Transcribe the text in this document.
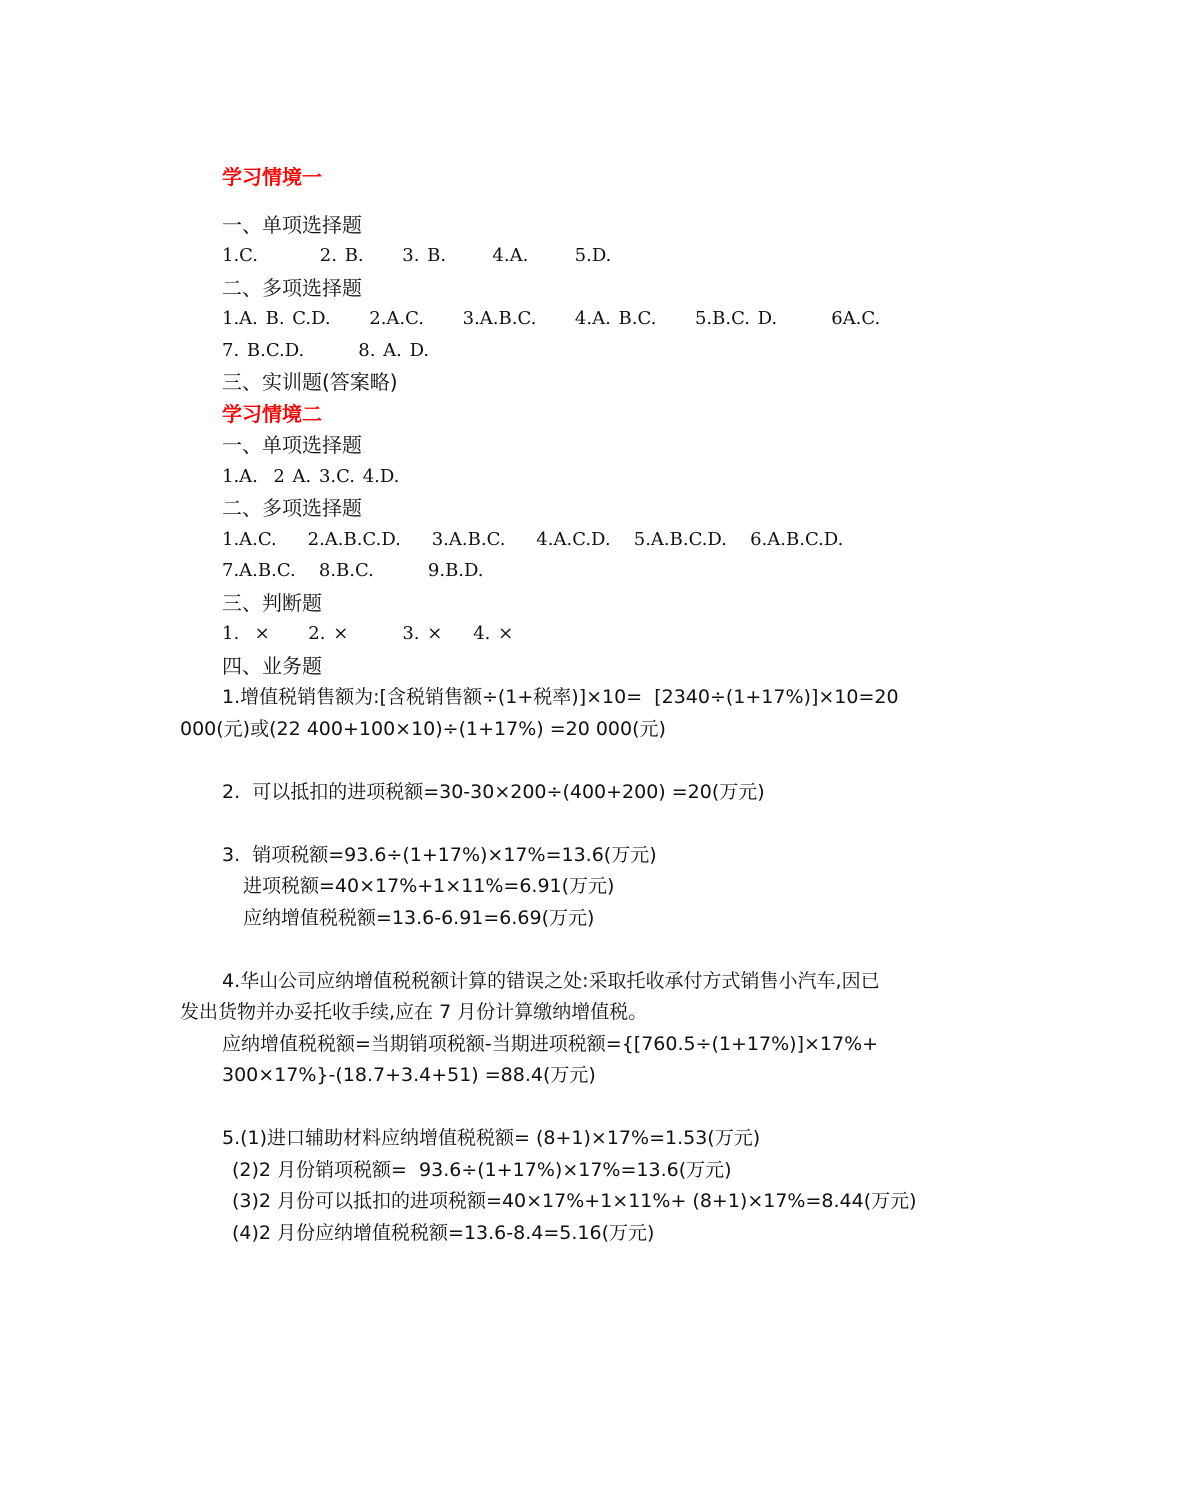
学习情境一
一、单项选择题
1.C.        2. B.     3. B.      4.A.      5.D.
二、多项选择题
1.A. B. C.D.     2.A.C.     3.A.B.C.     4.A. B.C.     5.B.C. D.       6A.C.
7. B.C.D.       8. A. D.
三、实训题(答案略)
学习情境二
一、单项选择题
1.A.  2 A. 3.C. 4.D.
二、多项选择题
1.A.C.    2.A.B.C.D.    3.A.B.C.    4.A.C.D.   5.A.B.C.D.   6.A.B.C.D.
7.A.B.C.   8.B.C.       9.B.D.
三、判断题
1.  ×     2. ×       3. ×    4. ×
四、业务题
1.增值税销售额为:[含税销售额÷(1+税率)]×10=  [2340÷(1+17%)]×10=20
000(元)或(22 400+100×10)÷(1+17%) =20 000(元)
2.  可以抵扣的进项税额=30-30×200÷(400+200) =20(万元)
3.  销项税额=93.6÷(1+17%)×17%=13.6(万元)
进项税额=40×17%+1×11%=6.91(万元)
应纳增值税税额=13.6-6.91=6.69(万元)
4.华山公司应纳增值税税额计算的错误之处:采取托收承付方式销售小汽车,因已
发出货物并办妥托收手续,应在 7 月份计算缴纳增值税。
应纳增值税税额=当期销项税额-当期进项税额={[760.5÷(1+17%)]×17%+
300×17%}-(18.7+3.4+51) =88.4(万元)
5.(1)进口辅助材料应纳增值税税额= (8+1)×17%=1.53(万元)
(2)2 月份销项税额=  93.6÷(1+17%)×17%=13.6(万元)
(3)2 月份可以抵扣的进项税额=40×17%+1×11%+ (8+1)×17%=8.44(万元)
(4)2 月份应纳增值税税额=13.6-8.4=5.16(万元)
